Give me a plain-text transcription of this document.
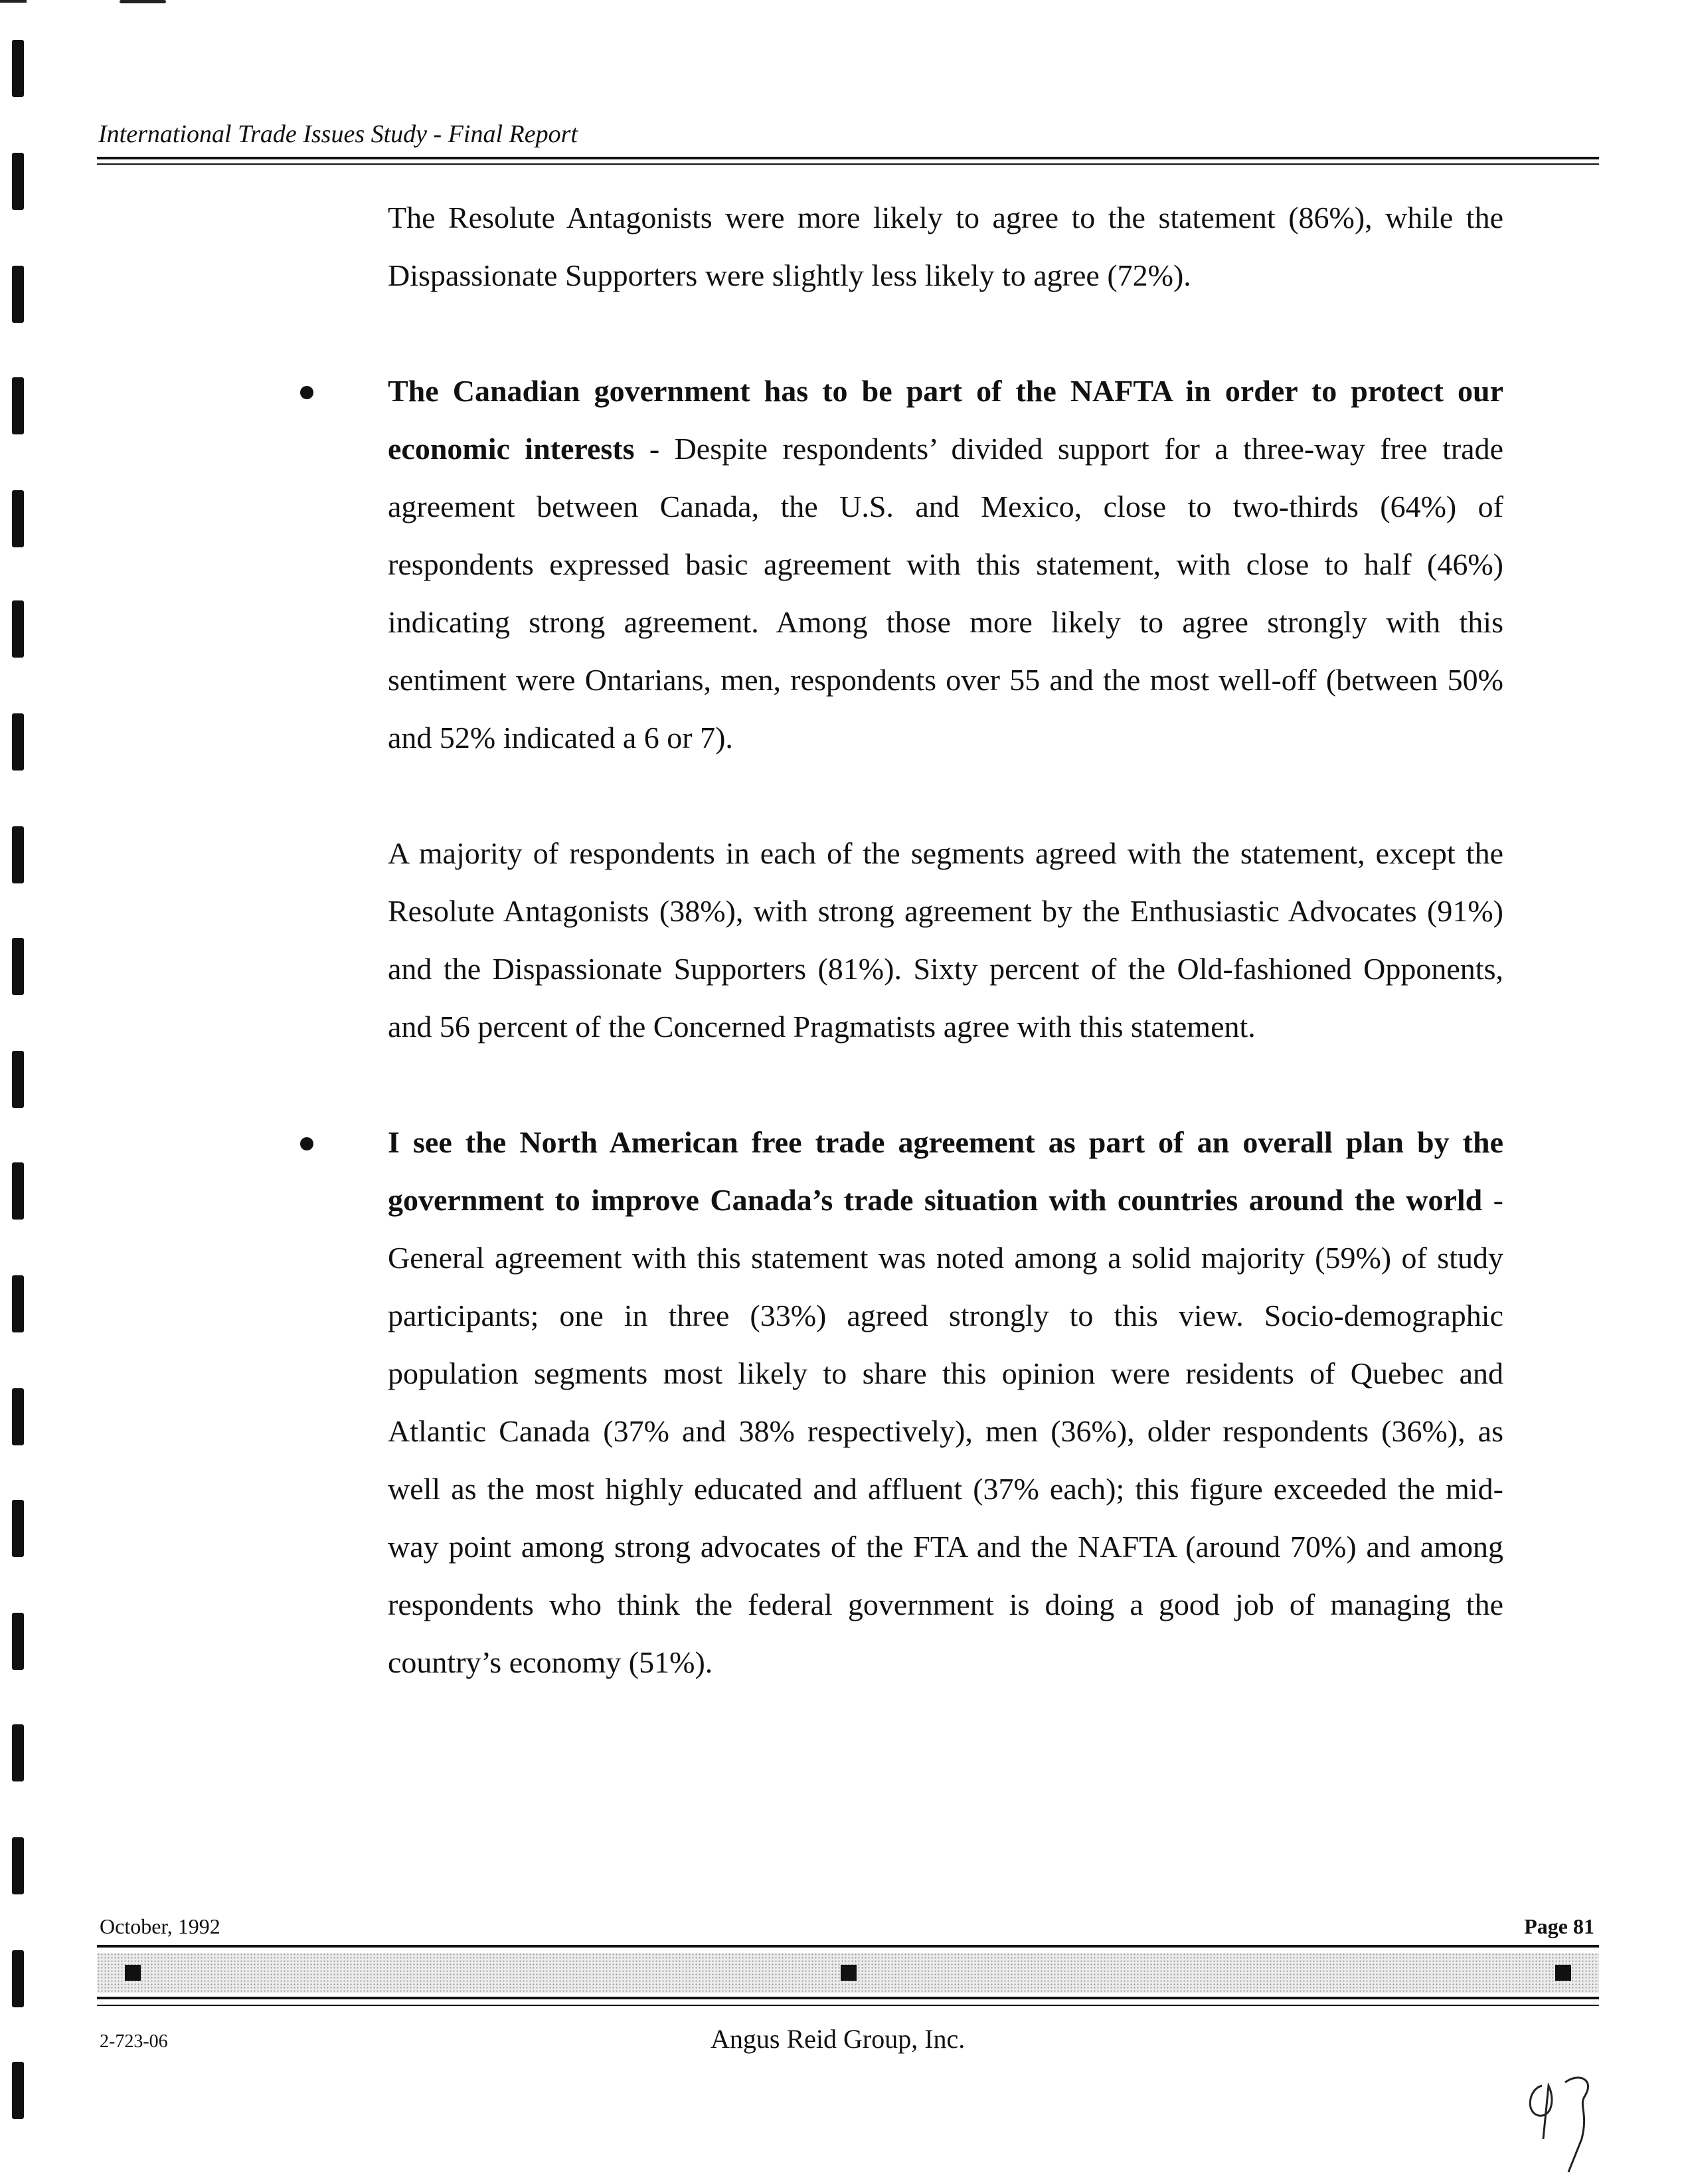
International Trade Issues Study - Final Report

The Resolute Antagonists were more likely to agree to the statement (86%), while the Dispassionate Supporters were slightly less likely to agree (72%).

The Canadian government has to be part of the NAFTA in order to protect our economic interests - Despite respondents’ divided support for a three-way free trade agreement between Canada, the U.S. and Mexico, close to two-thirds (64%) of respondents expressed basic agreement with this statement, with close to half (46%) indicating strong agreement. Among those more likely to agree strongly with this sentiment were Ontarians, men, respondents over 55 and the most well-off (between 50% and 52% indicated a 6 or 7).

A majority of respondents in each of the segments agreed with the statement, except the Resolute Antagonists (38%), with strong agreement by the Enthusiastic Advocates (91%) and the Dispassionate Supporters (81%). Sixty percent of the Old-fashioned Opponents, and 56 percent of the Concerned Pragmatists agree with this statement.

I see the North American free trade agreement as part of an overall plan by the government to improve Canada’s trade situation with countries around the world - General agreement with this statement was noted among a solid majority (59%) of study participants; one in three (33%) agreed strongly to this view. Socio-demographic population segments most likely to share this opinion were residents of Quebec and Atlantic Canada (37% and 38% respectively), men (36%), older respondents (36%), as well as the most highly educated and affluent (37% each); this figure exceeded the mid-way point among strong advocates of the FTA and the NAFTA (around 70%) and among respondents who think the federal government is doing a good job of managing the country’s economy (51%).

October, 1992	Page 81
2-723-06	Angus Reid Group, Inc.
